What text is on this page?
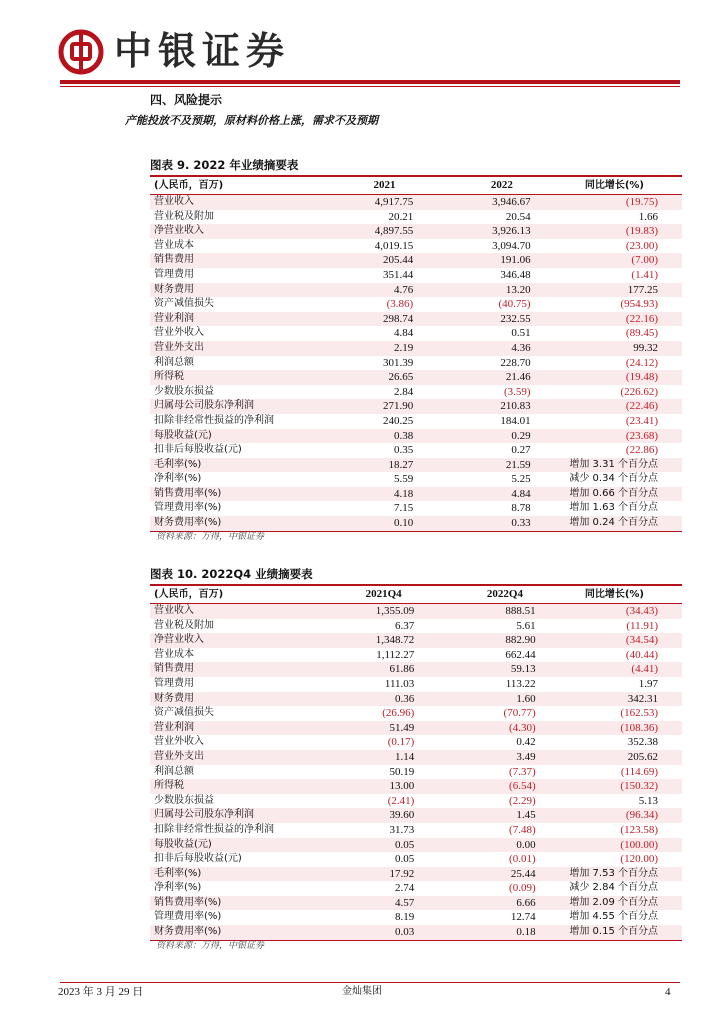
中银证券
四、风险提示
产能投放不及预期，原材料价格上涨，需求不及预期
图表 9. 2022 年业绩摘要表
(人民币，百万)	2021	2022	同比增长(%)
营业收入	4,917.75	3,946.67	(19.75)
营业税及附加	20.21	20.54	1.66
净营业收入	4,897.55	3,926.13	(19.83)
营业成本	4,019.15	3,094.70	(23.00)
销售费用	205.44	191.06	(7.00)
管理费用	351.44	346.48	(1.41)
财务费用	4.76	13.20	177.25
资产减值损失	(3.86)	(40.75)	(954.93)
营业利润	298.74	232.55	(22.16)
营业外收入	4.84	0.51	(89.45)
营业外支出	2.19	4.36	99.32
利润总额	301.39	228.70	(24.12)
所得税	26.65	21.46	(19.48)
少数股东损益	2.84	(3.59)	(226.62)
归属母公司股东净利润	271.90	210.83	(22.46)
扣除非经常性损益的净利润	240.25	184.01	(23.41)
每股收益(元)	0.38	0.29	(23.68)
扣非后每股收益(元)	0.35	0.27	(22.86)
毛利率(%)	18.27	21.59	增加 3.31 个百分点
净利率(%)	5.59	5.25	减少 0.34 个百分点
销售费用率(%)	4.18	4.84	增加 0.66 个百分点
管理费用率(%)	7.15	8.78	增加 1.63 个百分点
财务费用率(%)	0.10	0.33	增加 0.24 个百分点
资料来源：万得，中银证券
图表 10. 2022Q4 业绩摘要表
(人民币，百万)	2021Q4	2022Q4	同比增长(%)
营业收入	1,355.09	888.51	(34.43)
营业税及附加	6.37	5.61	(11.91)
净营业收入	1,348.72	882.90	(34.54)
营业成本	1,112.27	662.44	(40.44)
销售费用	61.86	59.13	(4.41)
管理费用	111.03	113.22	1.97
财务费用	0.36	1.60	342.31
资产减值损失	(26.96)	(70.77)	(162.53)
营业利润	51.49	(4.30)	(108.36)
营业外收入	(0.17)	0.42	352.38
营业外支出	1.14	3.49	205.62
利润总额	50.19	(7.37)	(114.69)
所得税	13.00	(6.54)	(150.32)
少数股东损益	(2.41)	(2.29)	5.13
归属母公司股东净利润	39.60	1.45	(96.34)
扣除非经常性损益的净利润	31.73	(7.48)	(123.58)
每股收益(元)	0.05	0.00	(100.00)
扣非后每股收益(元)	0.05	(0.01)	(120.00)
毛利率(%)	17.92	25.44	增加 7.53 个百分点
净利率(%)	2.74	(0.09)	减少 2.84 个百分点
销售费用率(%)	4.57	6.66	增加 2.09 个百分点
管理费用率(%)	8.19	12.74	增加 4.55 个百分点
财务费用率(%)	0.03	0.18	增加 0.15 个百分点
资料来源：万得，中银证券
2023 年 3 月 29 日	金灿集团	4
